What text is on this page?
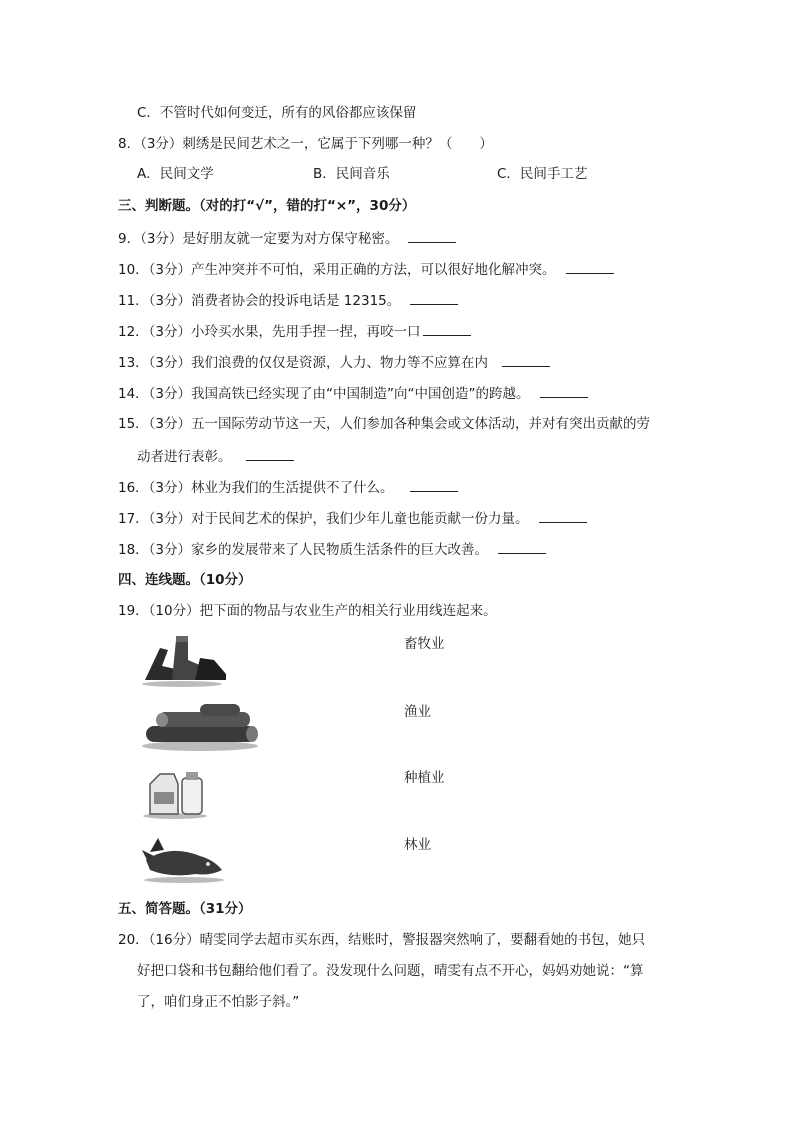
C．不管时代如何变迁，所有的风俗都应该保留
8．（3分）刺绣是民间艺术之一，它属于下列哪一种？（　　）
A．民间文学	B．民间音乐	C．民间手工艺
三、判断题。（对的打“√”，错的打“×”，30分）
9．（3分）是好朋友就一定要为对方保守秘密。
10．（3分）产生冲突并不可怕，采用正确的方法，可以很好地化解冲突。
11．（3分）消费者协会的投诉电话是 12315。
12．（3分）小玲买水果，先用手捏一捏，再咬一口
13．（3分）我们浪费的仅仅是资源，人力、物力等不应算在内
14．（3分）我国高铁已经实现了由“中国制造”向“中国创造”的跨越。
15．（3分）五一国际劳动节这一天，人们参加各种集会或文体活动，并对有突出贡献的劳
动者进行表彰。
16．（3分）林业为我们的生活提供不了什么。
17．（3分）对于民间艺术的保护，我们少年儿童也能贡献一份力量。
18．（3分）家乡的发展带来了人民物质生活条件的巨大改善。
四、连线题。（10分）
19．（10分）把下面的物品与农业生产的相关行业用线连起来。
畜牧业
渔业
种植业
林业
五、简答题。（31分）
20．（16分）晴雯同学去超市买东西，结账时，警报器突然响了，要翻看她的书包，她只
好把口袋和书包翻给他们看了。没发现什么问题，晴雯有点不开心，妈妈劝她说：“算
了，咱们身正不怕影子斜。”
